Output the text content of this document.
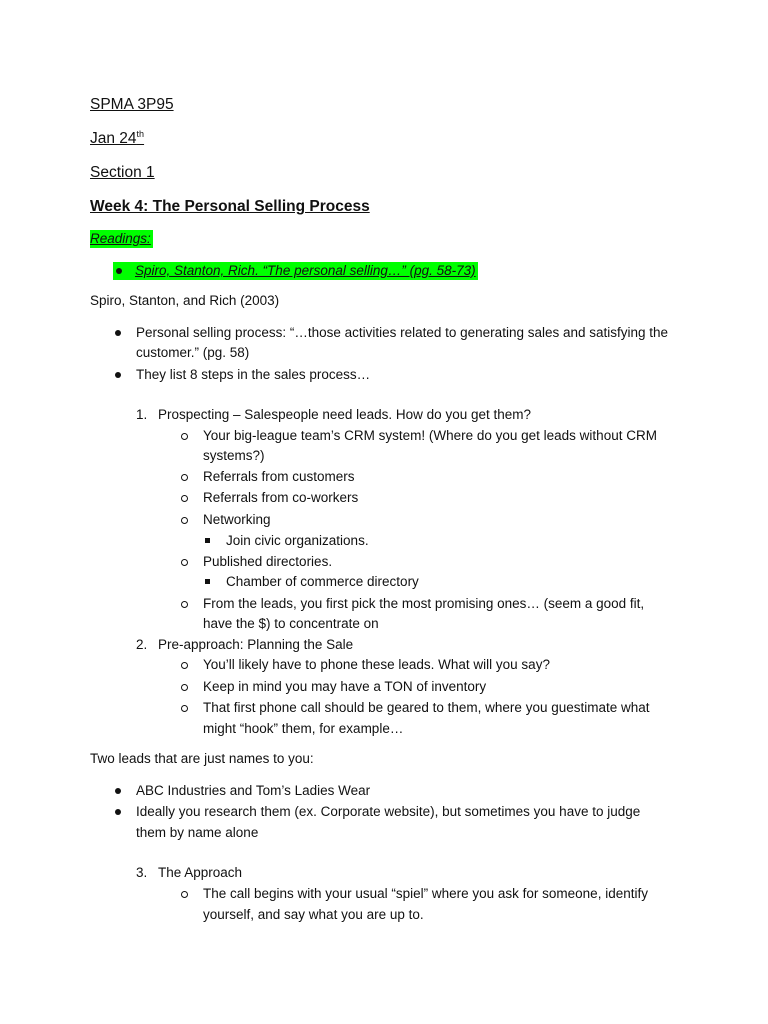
SPMA 3P95
Jan 24th
Section 1
Week 4: The Personal Selling Process
Readings:
Spiro, Stanton, Rich. “The personal selling…” (pg. 58-73)
Spiro, Stanton, and Rich (2003)
Personal selling process: “…those activities related to generating sales and satisfying the
customer.” (pg. 58)
They list 8 steps in the sales process…
1. Prospecting – Salespeople need leads. How do you get them?
Your big-league team’s CRM system! (Where do you get leads without CRM
systems?)
Referrals from customers
Referrals from co-workers
Networking
Join civic organizations.
Published directories.
Chamber of commerce directory
From the leads, you first pick the most promising ones… (seem a good fit,
have the $) to concentrate on
2. Pre-approach: Planning the Sale
You’ll likely have to phone these leads. What will you say?
Keep in mind you may have a TON of inventory
That first phone call should be geared to them, where you guestimate what
might “hook” them, for example…
Two leads that are just names to you:
ABC Industries and Tom’s Ladies Wear
Ideally you research them (ex. Corporate website), but sometimes you have to judge
them by name alone
3. The Approach
The call begins with your usual “spiel” where you ask for someone, identify
yourself, and say what you are up to.
